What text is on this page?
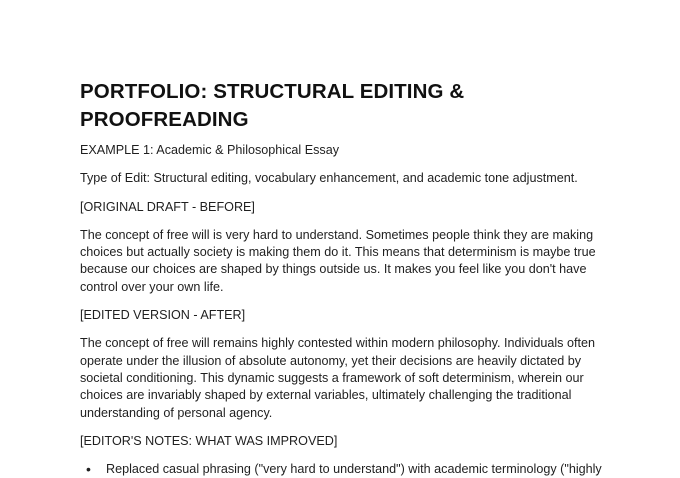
PORTFOLIO: STRUCTURAL EDITING & PROOFREADING

EXAMPLE 1: Academic & Philosophical Essay

Type of Edit: Structural editing, vocabulary enhancement, and academic tone adjustment.

[ORIGINAL DRAFT - BEFORE]

The concept of free will is very hard to understand. Sometimes people think they are making choices but actually society is making them do it. This means that determinism is maybe true because our choices are shaped by things outside us. It makes you feel like you don't have control over your own life.

[EDITED VERSION - AFTER]

The concept of free will remains highly contested within modern philosophy. Individuals often operate under the illusion of absolute autonomy, yet their decisions are heavily dictated by societal conditioning. This dynamic suggests a framework of soft determinism, wherein our choices are invariably shaped by external variables, ultimately challenging the traditional understanding of personal agency.

[EDITOR'S NOTES: WHAT WAS IMPROVED]

• Replaced casual phrasing ("very hard to understand") with academic terminology ("highly
